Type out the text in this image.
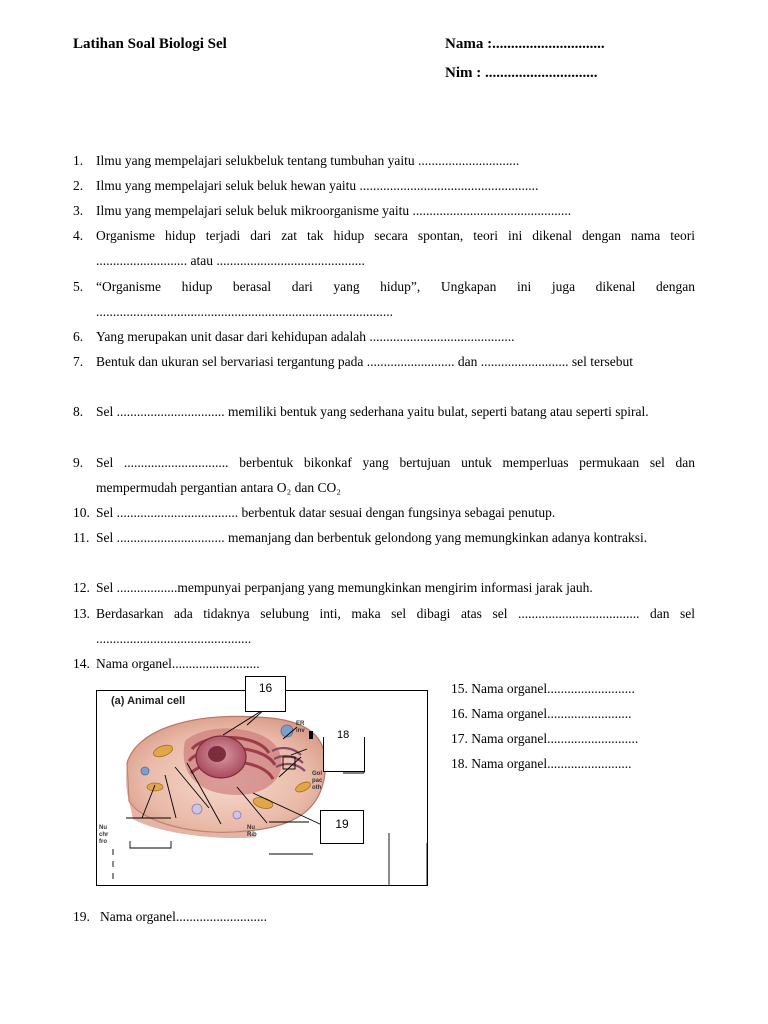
Latihan Soal Biologi Sel	Nama :..............................
Nim : ..............................
1. Ilmu yang mempelajari selukbeluk tentang tumbuhan yaitu ..............................
2. Ilmu yang mempelajari seluk beluk hewan yaitu .....................................................
3. Ilmu yang mempelajari seluk beluk mikroorganisme yaitu ...............................................
4. Organisme hidup terjadi dari zat tak hidup secara spontan, teori ini dikenal dengan nama teori ........................... atau ............................................
5. “Organisme hidup berasal dari yang hidup”, Ungkapan ini juga dikenal dengan ........................................................................................
6. Yang merupakan unit dasar dari kehidupan adalah ...........................................
7. Bentuk dan ukuran sel bervariasi tergantung pada .......................... dan .......................... sel tersebut
8. Sel ................................ memiliki bentuk yang sederhana yaitu bulat, seperti batang atau seperti spiral.
9. Sel ............................... berbentuk bikonkaf yang bertujuan untuk memperluas permukaan sel dan mempermudah pergantian antara O₂ dan CO₂
10. Sel .................................... berbentuk datar sesuai dengan fungsinya sebagai penutup.
11. Sel ................................ memanjang dan berbentuk gelondong yang memungkinkan adanya kontraksi.
12. Sel ..................mempunyai perpanjang yang memungkinkan mengirim informasi jarak jauh.
13. Berdasarkan ada tidaknya selubung inti, maka sel dibagi atas sel .................................... dan sel ..............................................
14. Nama organel..........................
15. Nama organel..........................
16. Nama organel.........................
17. Nama organel...........................
18. Nama organel.........................
(a) Animal cell
ER
inv
Gol
pac
oth
Nu
chr
fro
Nu
Rib
18
16
19
19. Nama organel...........................
